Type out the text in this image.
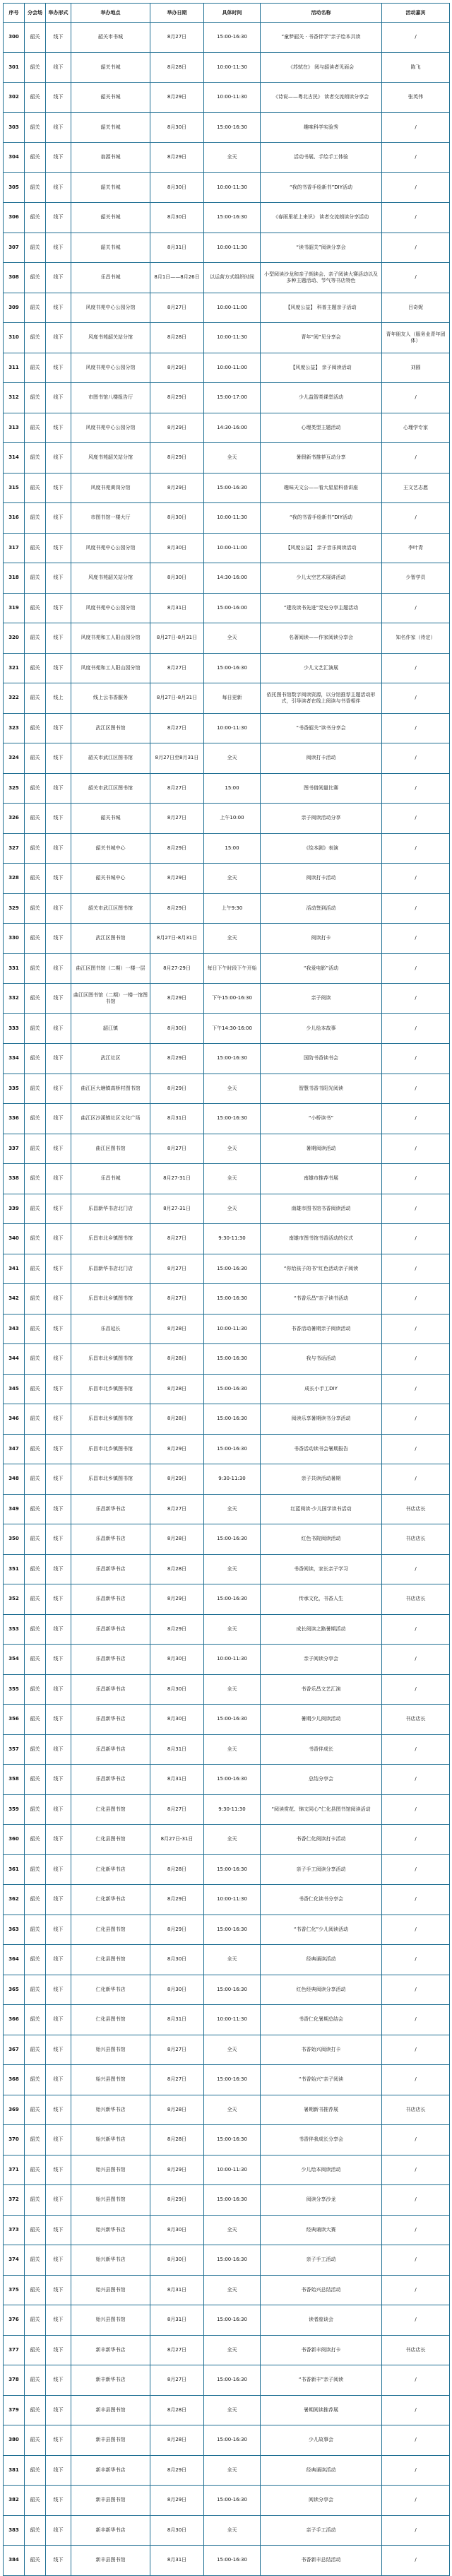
序号	分会场	举办形式	举办地点	举办日期	具体时间	活动名称	活动嘉宾
300	韶关	线下	韶关市书城	8月27日	15:00-16:30	“童梦韶关 · 书香伴学”亲子绘本共读	/
301	韶关	线下	韶关书城	8月28日	10:00-11:30	《苏轼在》 阅与韶读者见面会	陈飞
302	韶关	线下	韶关书城	8月29日	10:00-11:30	《诗说——粤北古民》 读者交流朗读分享会	张英伟
303	韶关	线下	韶关书城	8月30日	15:00-16:30	趣味科学实验秀	/
304	韶关	线下	翁源书城	8月29日	全天	活动书展、手绘手工体验	/
305	韶关	线下	韶关书城	8月30日	10:00-11:30	“我的书香手绘新书”DIY活动	/
306	韶关	线下	韶关书城	8月30日	15:00-16:30	《春雨里花上来识》 读者交流朗读分享活动	/
307	韶关	线下	韶关书城	8月31日	10:00-11:30	“读书韶关”阅读分享会	/
308	韶关	线下	乐昌书城	8月1日——8月26日	以运营方式组织时间	小型阅读沙龙和亲子朗读会、亲子阅读大赛活动以及多种主题活动、节气等书店特色	/
309	韶关	线下	风度书苑中心公园分馆	8月27日	10:00-11:00	【风度公益】 科普主题亲子活动	吕奇妮
310	韶关	线下	风度书苑韶关站分馆	8月28日	10:00-11:30	青年“阅”见分享会	青年朋友人（服务业青年团体）
311	韶关	线下	风度书苑中心公园分馆	8月29日	10:00-11:00	【风度公益】 亲子阅读活动	刘圆
312	韶关	线下	市图书馆八楼报告厅	8月29日	15:00-17:00	少儿益智类课堂活动	/
313	韶关	线下	风度书苑中心公园分馆	8月29日	14:30-16:00	心理类型主题活动	心理学专家
314	韶关	线下	风度书苑韶关站分馆	8月29日	全天	暑假新书推荐互动分享	/
315	韶关	线下	风度书苑黄岗分馆	8月29日	15:00-16:30	趣味天文公——看大星星科普讲座	王文艺志愿
316	韶关	线下	市图书馆一楼大厅	8月30日	10:00-11:30	“我的书香手绘新书”DIY活动	/
317	韶关	线下	风度书苑中心公园分馆	8月30日	10:00-11:00	【风度公益】 亲子音乐阅读活动	李叶青
318	韶关	线下	风度书苑韶关站分馆	8月30日	14:30-16:00	少儿太空艺术展讲活动	少智学员
319	韶关	线下	风度书苑中心公园分馆	8月31日	15:00-16:00	“建设读书先进”党史分享主题活动	/
320	韶关	线下	风度书苑和工人阳山园分馆	8月27日-8月31日	全天	名著阅读——作家阅读分享会	知名作家（待定）
321	韶关	线下	风度书苑和工人阳山园分馆	8月27日	15:00-16:30	少儿文艺汇演展	/
322	韶关	线上	线上云书香服务	8月27日-8月31日	每日更新	依托图书馆数字阅读资源，以分馆推荐主题活动形式，引导读者在线上阅读与书香相伴	/
323	韶关	线下	武江区图书馆	8月27日	10:00-11:30	“书香韶关”读书分享会	/
324	韶关	线下	韶关市武江区图书馆	8月27日至8月31日	全天	阅读打卡活动	/
325	韶关	线下	韶关市武江区图书馆	8月27日	15:00	图书借阅量比赛	/
326	韶关	线下	韶关书城	8月27日	上午10:00	亲子阅读活动分享	/
327	韶关	线下	韶关书城中心	8月29日	15:00	《绘本剧》表演	/
328	韶关	线下	韶关书城中心	8月29日	全天	阅读打卡活动	/
329	韶关	线下	韶关市武江区图书馆	8月29日	上午9:30	活动签到活动	/
330	韶关	线下	武江区图书馆	8月27日-8月31日	全天	阅读打卡	/
331	韶关	线下	曲江区图书馆（二期）一楼一层	8月27-29日	每日下午时段下午开始	“我爱电影”活动	/
332	韶关	线下	曲江区图书馆（二期）一楼一馆图书馆	8月29日	下午15:00-16:30	亲子阅读	/
333	韶关	线下	韶江镇	8月30日	下午14:30-16:00	少儿绘本故事	/
334	韶关	线下	武江社区	8月29日	15:00-16:30	国防书香读书会	/
335	韶关	线下	曲江区大塘镇高桥村图书馆	8月29日	全天	智慧书香书阳光阅读	/
336	韶关	线下	曲江区沙溪镇社区文化广场	8月31日	15:00-16:30	“小桥读书”	/
337	韶关	线下	曲江区图书馆	8月27日	全天	暑期阅读活动	/
338	韶关	线下	乐昌书城	8月27-31日	全天	南雄市推荐书展	/
339	韶关	线下	乐昌新华书店北门店	8月27-31日	全天	南雄市图书馆书香阅读活动	/
340	韶关	线下	乐昌市北乡镇图书馆	8月27日	9:30-11:30	南雄市图书馆书香活动的仪式	/
341	韶关	线下	乐昌新华书店北门店	8月27日	15:00-16:30	“你给孩子的书”红色活动亲子阅读	/
342	韶关	线下	乐昌市北乡镇图书馆	8月27日	15:00-16:30	“书香乐昌”亲子读书活动	/
343	韶关	线下	乐昌延长	8月28日	10:00-11:30	书香活动暑期亲子阅读活动	/
344	韶关	线下	乐昌市北乡镇图书馆	8月28日	15:00-16:30	我与书话活动	/
345	韶关	线下	乐昌市北乡镇图书馆	8月28日	15:00-16:30	成长小手工DIY	/
346	韶关	线下	乐昌市北乡镇图书馆	8月28日	15:00-16:30	阅读乐享暑期读书分享活动	/
347	韶关	线下	乐昌市北乡镇图书馆	8月29日	15:00-16:30	书香活动读书会暑期报告	/
348	韶关	线下	乐昌市北乡镇图书馆	8月29日	9:30-11:30	亲子共读活动暑期	/
349	韶关	线下	乐昌新华书店	8月27日	全天	红蓝阅读·少儿国学读书活动	书店店长
350	韶关	线下	乐昌新华书店	8月28日	15:00-16:30	红色书院阅读活动	书店店长
351	韶关	线下	乐昌新华书店	8月28日	全天	书香阅读，家长亲子学习	/
352	韶关	线下	乐昌新华书店	8月29日	15:00-16:30	传承文化，书香人生	书店店长
353	韶关	线下	乐昌新华书店	8月29日	全天	成长阅读之路暑期活动	/
354	韶关	线下	乐昌新华书店	8月30日	10:00-11:30	亲子阅读分享会	/
355	韶关	线下	乐昌新华书店	8月30日	全天	书香乐昌文艺汇演	/
356	韶关	线下	乐昌新华书店	8月30日	15:00-16:30	暑期少儿阅读活动	书店店长
357	韶关	线下	乐昌新华书店	8月31日	全天	书香伴成长	/
358	韶关	线下	乐昌新华书店	8月31日	15:00-16:30	总结分享会	/
359	韶关	线下	仁化县图书馆	8月27日	9:30-11:30	“阅读赏花、锦文同心”仁化县图书馆阅读活动	/
360	韶关	线下	仁化县图书馆	8月27日-31日	全天	书香仁化阅读打卡活动	/
361	韶关	线下	仁化新华书店	8月28日	15:00-16:30	亲子手工阅读分享活动	/
362	韶关	线下	仁化新华书店	8月29日	10:00-11:30	书香仁化读书分享会	/
363	韶关	线下	仁化县图书馆	8月29日	15:00-16:30	“书香仁化”少儿阅读活动	/
364	韶关	线下	仁化县图书馆	8月30日	全天	经典诵读活动	/
365	韶关	线下	仁化新华书店	8月30日	15:00-16:30	红色经典阅读分享活动	/
366	韶关	线下	仁化县图书馆	8月31日	10:00-11:30	书香仁化暑期总结会	/
367	韶关	线下	始兴县图书馆	8月27日	全天	书香始兴阅读打卡	/
368	韶关	线下	始兴县图书馆	8月27日	15:00-16:30	“书香始兴”亲子阅读	/
369	韶关	线下	始兴新华书店	8月28日	全天	暑期新书推荐展	书店店长
370	韶关	线下	始兴新华书店	8月28日	15:00-16:30	书香伴我成长分享会	/
371	韶关	线下	始兴县图书馆	8月29日	10:00-11:30	少儿绘本阅读活动	/
372	韶关	线下	始兴县图书馆	8月29日	15:00-16:30	阅读分享沙龙	/
373	韶关	线下	始兴新华书店	8月30日	全天	经典诵读大赛	/
374	韶关	线下	始兴新华书店	8月30日	15:00-16:30	亲子手工活动	/
375	韶关	线下	始兴县图书馆	8月31日	全天	书香始兴总结活动	/
376	韶关	线下	始兴县图书馆	8月31日	15:00-16:30	读者座谈会	/
377	韶关	线下	新丰新华书店	8月27日	全天	书香新丰阅读打卡	书店店长
378	韶关	线下	新丰新华书店	8月27日	15:00-16:30	“书香新丰”亲子阅读	/
379	韶关	线下	新丰县图书馆	8月28日	全天	暑期阅读推荐展	/
380	韶关	线下	新丰县图书馆	8月28日	15:00-16:30	少儿故事会	/
381	韶关	线下	新丰新华书店	8月29日	全天	经典诵读活动	/
382	韶关	线下	新丰县图书馆	8月29日	15:00-16:30	阅读分享会	/
383	韶关	线下	新丰新华书店	8月30日	全天	亲子手工活动	/
384	韶关	线下	新丰县图书馆	8月31日	15:00-16:30	书香新丰总结活动	/
